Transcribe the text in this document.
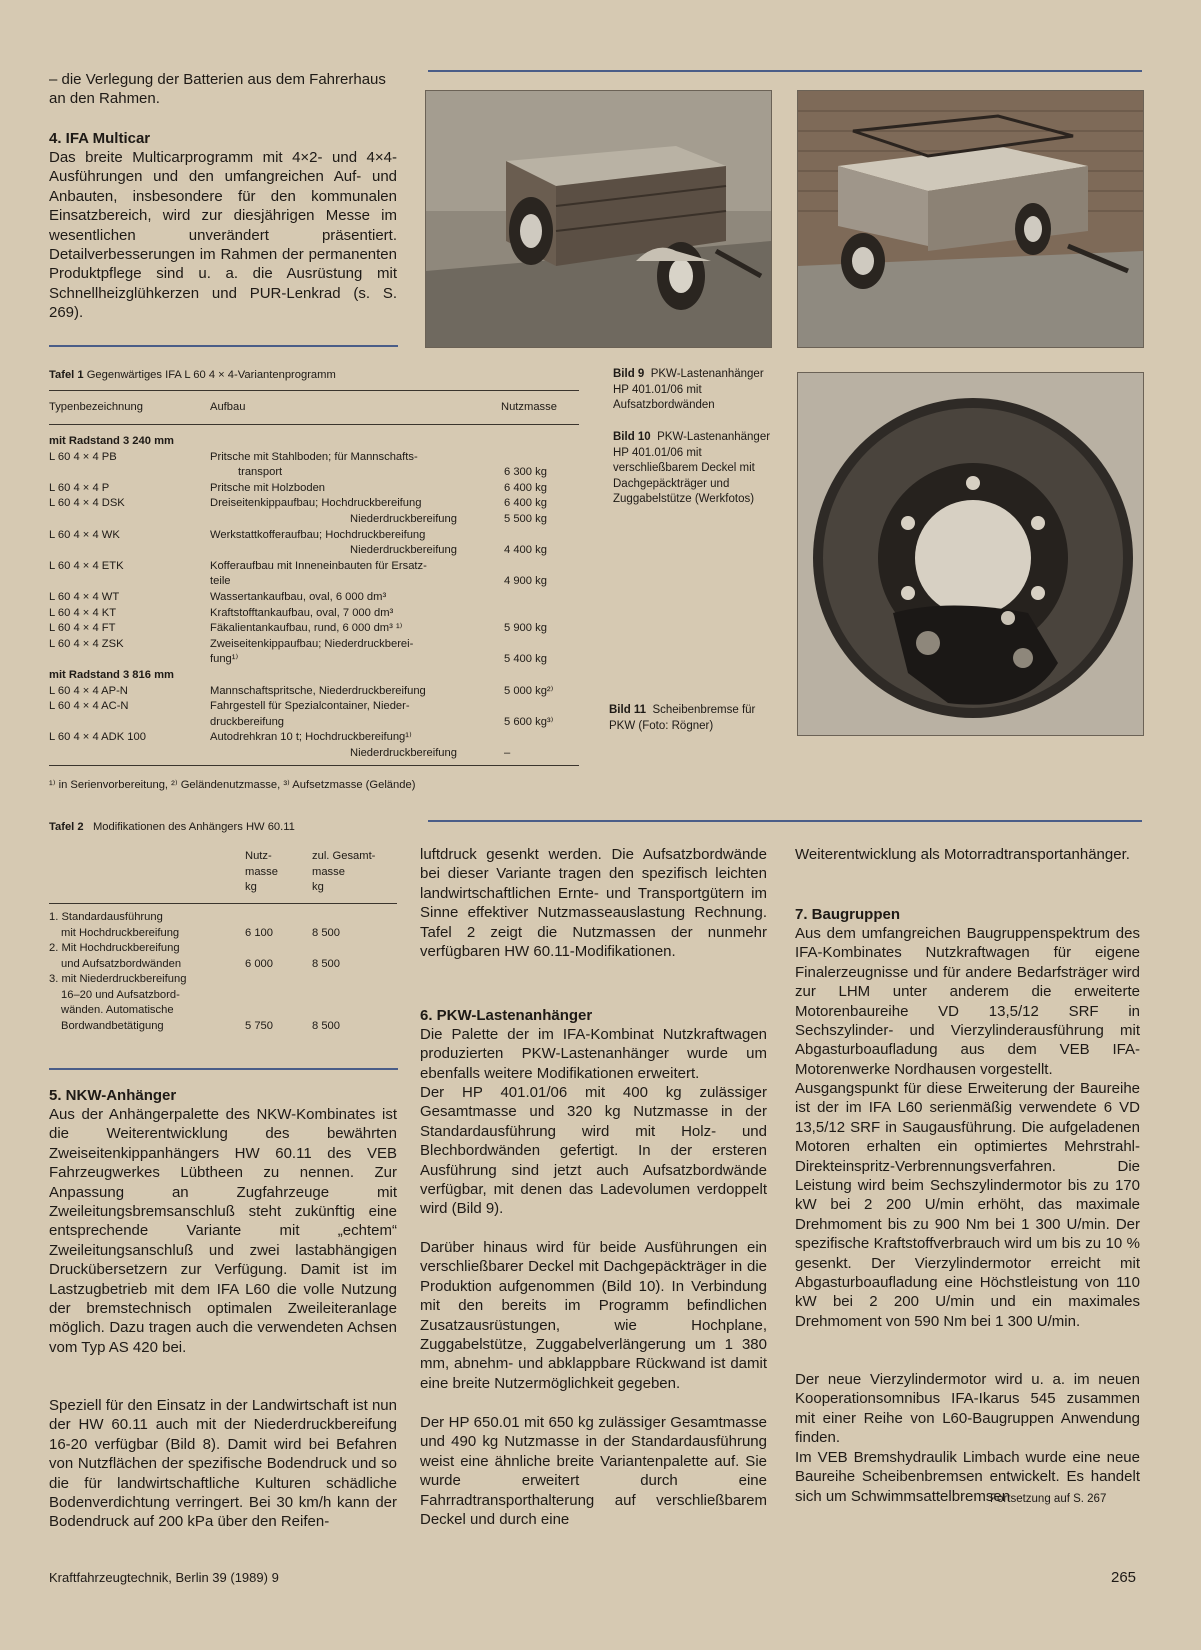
– die Verlegung der Batterien aus dem Fahrerhaus an den Rahmen.

4. IFA Multicar

Das breite Multicarprogramm mit 4×2- und 4×4-Ausführungen und den umfangreichen Auf- und Anbauten, insbesondere für den kommunalen Einsatzbereich, wird zur diesjährigen Messe im wesentlichen unverändert präsentiert. Detailverbesserungen im Rahmen der permanenten Produktpflege sind u. a. die Ausrüstung mit Schnellheizglühkerzen und PUR-Lenkrad (s. S. 269).

Tafel 1 Gegenwärtiges IFA L 60 4 × 4-Variantenprogramm
Typenbezeichnung	Aufbau	Nutzmasse
mit Radstand 3 240 mm
L 60 4 × 4 PB	Pritsche mit Stahlboden; für Mannschafts-
transport	6 300 kg
L 60 4 × 4 P	Pritsche mit Holzboden	6 400 kg
L 60 4 × 4 DSK	Dreiseitenkippaufbau; Hochdruckbereifung	6 400 kg
Niederdruckbereifung	5 500 kg
L 60 4 × 4 WK	Werkstattkofferaufbau; Hochdruckbereifung
Niederdruckbereifung	4 400 kg
L 60 4 × 4 ETK	Kofferaufbau mit Inneneinbauten für Ersatz-
teile	4 900 kg
L 60 4 × 4 WT	Wassertankaufbau, oval, 6 000 dm³
L 60 4 × 4 KT	Kraftstofftankaufbau, oval, 7 000 dm³
L 60 4 × 4 FT	Fäkalientankaufbau, rund, 6 000 dm³ ¹⁾	5 900 kg
L 60 4 × 4 ZSK	Zweiseitenkippaufbau; Niederdruckberei-
fung¹⁾	5 400 kg
mit Radstand 3 816 mm
L 60 4 × 4 AP-N	Mannschaftspritsche, Niederdruckbereifung	5 000 kg²⁾
L 60 4 × 4 AC-N	Fahrgestell für Spezialcontainer, Nieder-
druckbereifung	5 600 kg³⁾
L 60 4 × 4 ADK 100	Autodrehkran 10 t; Hochdruckbereifung¹⁾
Niederdruckbereifung	–
¹⁾ in Serienvorbereitung, ²⁾ Geländenutzmasse, ³⁾ Aufsetzmasse (Gelände)
Bild 9 PKW-Lastenanhänger HP 401.01/06 mit Aufsatzbordwänden
Bild 10 PKW-Lastenanhänger HP 401.01/06 mit verschließbarem Deckel mit Dachgepäckträger und Zuggabelstütze (Werkfotos)
Bild 11 Scheibenbremse für PKW (Foto: Rögner)
Tafel 2 Modifikationen des Anhängers HW 60.11
Nutz-
masse
kg
zul. Gesamt-
masse
kg
1. Standardausführung
mit Hochdruckbereifung	6 100	8 500
2. Mit Hochdruckbereifung
und Aufsatzbordwänden	6 000	8 500
3. mit Niederdruckbereifung
16–20 und Aufsatzbord-
wänden. Automatische
Bordwandbetätigung	5 750	8 500

5. NKW-Anhänger

Aus der Anhängerpalette des NKW-Kombinates ist die Weiterentwicklung des bewährten Zweiseitenkippanhängers HW 60.11 des VEB Fahrzeugwerkes Lübtheen zu nennen. Zur Anpassung an Zugfahrzeuge mit Zweileitungsbremsanschluß steht zukünftig eine entsprechende Variante mit „echtem“ Zweileitungsanschluß und zwei lastabhängigen Druckübersetzern zur Verfügung. Damit ist im Lastzugbetrieb mit dem IFA L60 die volle Nutzung der bremstechnisch optimalen Zweileiteranlage möglich. Dazu tragen auch die verwendeten Achsen vom Typ AS 420 bei.

Speziell für den Einsatz in der Landwirtschaft ist nun der HW 60.11 auch mit der Niederdruckbereifung 16-20 verfügbar (Bild 8). Damit wird bei Befahren von Nutzflächen der spezifische Bodendruck und so die für landwirtschaftliche Kulturen schädliche Bodenverdichtung verringert. Bei 30 km/h kann der Bodendruck auf 200 kPa über den Reifen-

luftdruck gesenkt werden. Die Aufsatzbordwände bei dieser Variante tragen den spezifisch leichten landwirtschaftlichen Ernte- und Transportgütern im Sinne effektiver Nutzmasseauslastung Rechnung. Tafel 2 zeigt die Nutzmassen der nunmehr verfügbaren HW 60.11-Modifikationen.

6. PKW-Lastenanhänger

Die Palette der im IFA-Kombinat Nutzkraftwagen produzierten PKW-Lastenanhänger wurde um ebenfalls weitere Modifikationen erweitert.

Der HP 401.01/06 mit 400 kg zulässiger Gesamtmasse und 320 kg Nutzmasse in der Standardausführung wird mit Holz- und Blechbordwänden gefertigt. In der ersteren Ausführung sind jetzt auch Aufsatzbordwände verfügbar, mit denen das Ladevolumen verdoppelt wird (Bild 9).

Darüber hinaus wird für beide Ausführungen ein verschließbarer Deckel mit Dachgepäckträger in die Produktion aufgenommen (Bild 10). In Verbindung mit den bereits im Programm befindlichen Zusatzausrüstungen, wie Hochplane, Zuggabelstütze, Zuggabelverlängerung um 1 380 mm, abnehm- und abklappbare Rückwand ist damit eine breite Nutzermöglichkeit gegeben.

Der HP 650.01 mit 650 kg zulässiger Gesamtmasse und 490 kg Nutzmasse in der Standardausführung weist eine ähnliche breite Variantenpalette auf. Sie wurde erweitert durch eine Fahrradtransporthalterung auf verschließbarem Deckel und durch eine

Weiterentwicklung als Motorradtransportanhänger.

7. Baugruppen

Aus dem umfangreichen Baugruppenspektrum des IFA-Kombinates Nutzkraftwagen für eigene Finalerzeugnisse und für andere Bedarfsträger wird zur LHM unter anderem die erweiterte Motorenbaureihe VD 13,5/12 SRF in Sechszylinder- und Vierzylinderausführung mit Abgasturboaufladung aus dem VEB IFA-Motorenwerke Nordhausen vorgestellt.

Ausgangspunkt für diese Erweiterung der Baureihe ist der im IFA L60 serienmäßig verwendete 6 VD 13,5/12 SRF in Saugausführung. Die aufgeladenen Motoren erhalten ein optimiertes Mehrstrahl-Direkteinspritz-Verbrennungsverfahren. Die Leistung wird beim Sechszylindermotor bis zu 170 kW bei 2 200 U/min erhöht, das maximale Drehmoment bis zu 900 Nm bei 1 300 U/min. Der spezifische Kraftstoffverbrauch wird um bis zu 10 % gesenkt. Der Vierzylindermotor erreicht mit Abgasturboaufladung eine Höchstleistung von 110 kW bei 2 200 U/min und ein maximales Drehmoment von 590 Nm bei 1 300 U/min.

Der neue Vierzylindermotor wird u. a. im neuen Kooperationsomnibus IFA-Ikarus 545 zusammen mit einer Reihe von L60-Baugruppen Anwendung finden.

Im VEB Bremshydraulik Limbach wurde eine neue Baureihe Scheibenbremsen entwickelt. Es handelt sich um Schwimmsattelbremsen

Fortsetzung auf S. 267
Kraftfahrzeugtechnik, Berlin 39 (1989) 9	265
